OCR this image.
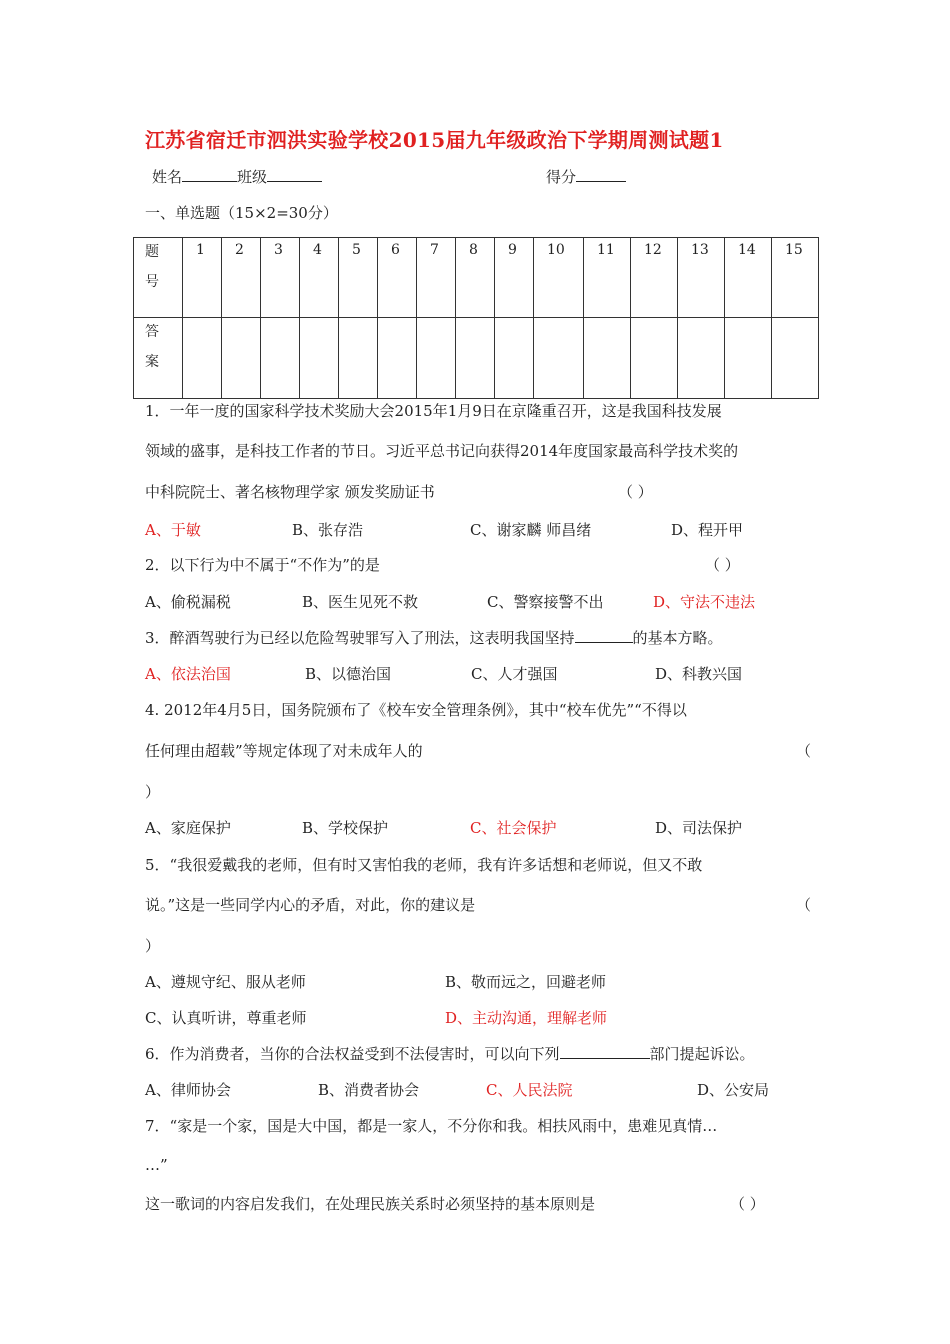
江苏省宿迁市泗洪实验学校2015届九年级政治下学期周测试题1
姓名	班级	得分
一、单选题（15×2=30分）
题
号	1	2	3	4	5	6	7	8	9	10	11	12	13	14	15

答
案															

1．一年一度的国家科学技术奖励大会2015年1月9日在京隆重召开，这是我国科技发展
领域的盛事，是科技工作者的节日。习近平总书记向获得2014年度国家最高科学技术奖的
中科院院士、著名核物理学家 颁发奖励证书	（ ）
A、于敏	B、张存浩	C、谢家麟 师昌绪	D、程开甲
2．以下行为中不属于“不作为”的是	（ ）
A、偷税漏税	B、医生见死不救	C、警察接警不出	D、守法不违法
3．醉酒驾驶行为已经以危险驾驶罪写入了刑法，这表明我国坚持	的基本方略。
A、依法治国	B、以德治国	C、人才强国	D、科教兴国
4. 2012年4月5日，国务院颁布了《校车安全管理条例》，其中“校车优先”“不得以
任何理由超载”等规定体现了对未成年人的	（
）
A、家庭保护	B、学校保护	C、社会保护	D、司法保护
5．“我很爱戴我的老师，但有时又害怕我的老师，我有许多话想和老师说，但又不敢
说。”这是一些同学内心的矛盾，对此，你的建议是	（
）
A、遵规守纪、服从老师	B、敬而远之，回避老师
C、认真听讲，尊重老师	D、主动沟通，理解老师
6．作为消费者，当你的合法权益受到不法侵害时，可以向下列	部门提起诉讼。
A、律师协会	B、消费者协会	C、人民法院	D、公安局
7．“家是一个家，国是大中国，都是一家人，不分你和我。相扶风雨中，患难见真情…
…”
这一歌词的内容启发我们，在处理民族关系时必须坚持的基本原则是	（ ）
